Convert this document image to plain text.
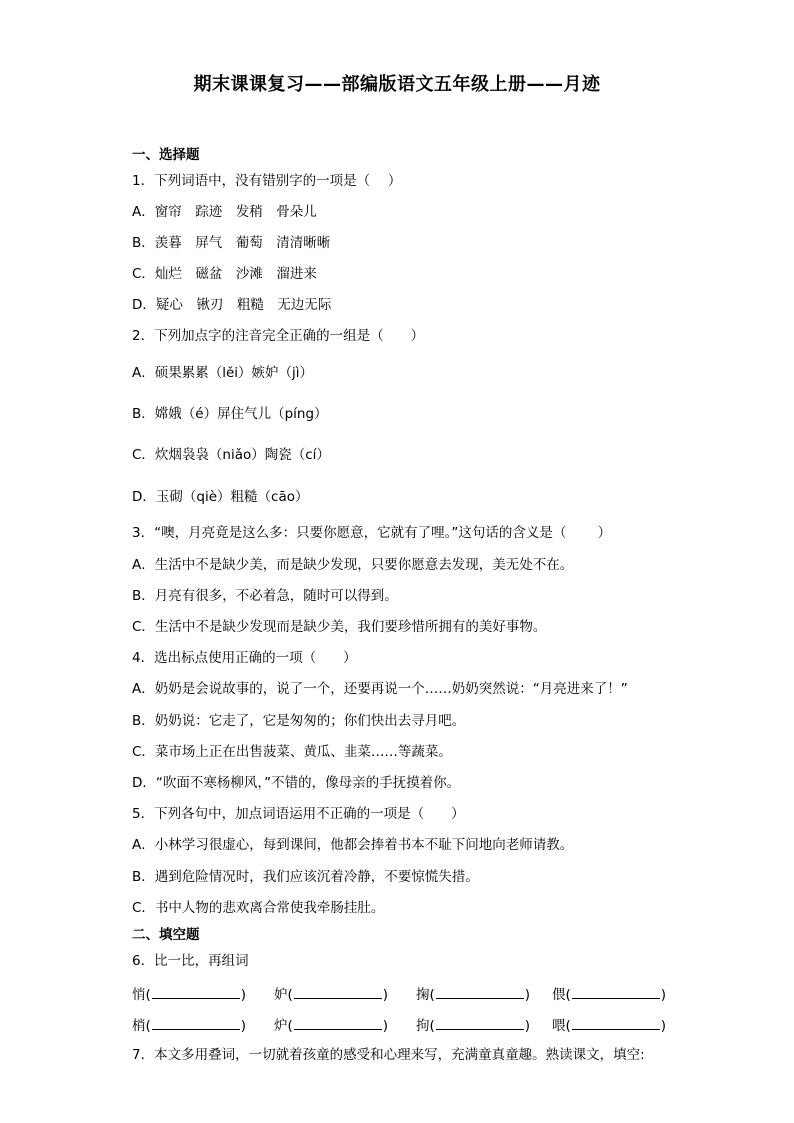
期末课课复习——部编版语文五年级上册——月迹
一、选择题
1．下列词语中，没有错别字的一项是（　 ）
A．窗帘　踪迹　发稍　骨朵儿
B．羡暮　屏气　葡萄　清清晰晰
C．灿烂　磁盆　沙滩　溜进来
D．疑心　锹刃　粗糙　无边无际
2．下列加点字的注音完全正确的一组是（　　）
A．硕果累累（lěi）嫉妒（jì）
B．嫦娥（é）屏住气儿（píng）
C．炊烟袅袅（niǎo）陶瓷（cí）
D．玉砌（qiè）粗糙（cāo）
3．“噢，月亮竟是这么多：只要你愿意，它就有了哩。”这句话的含义是（　　 ）
A．生活中不是缺少美，而是缺少发现，只要你愿意去发现，美无处不在。
B．月亮有很多，不必着急，随时可以得到。
C．生活中不是缺少发现而是缺少美，我们要珍惜所拥有的美好事物。
4．选出标点使用正确的一项（　　）
A．奶奶是会说故事的，说了一个，还要再说一个……奶奶突然说：“月亮进来了！”
B．奶奶说：它走了，它是匆匆的；你们快出去寻月吧。
C．菜市场上正在出售菠菜、黄瓜、韭菜……等蔬菜。
D．“吹面不寒杨柳风，”不错的，像母亲的手抚摸着你。
5．下列各句中，加点词语运用不正确的一项是（　　）
A．小林学习很虚心，每到课间，他都会捧着书本不耻下问地向老师请教。
B．遇到危险情况时，我们应该沉着冷静，不要惊慌失措。
C．书中人物的悲欢离合常使我牵肠挂肚。
二、填空题
6．比一比，再组词
悄(	) 妒(	) 掬(	) 偎(	)
梢(	) 炉(	) 拘(	) 喂(	)
7．本文多用叠词，一切就着孩童的感受和心理来写，充满童真童趣。熟读课文，填空:
